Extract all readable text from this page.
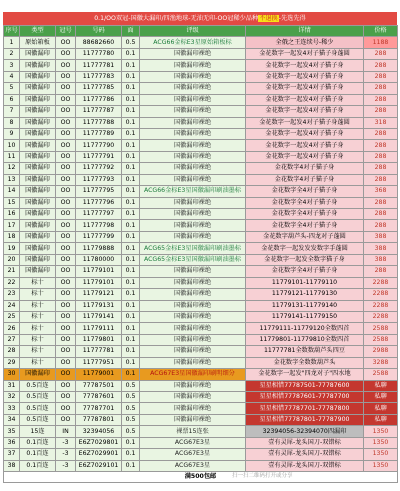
0.1/OO双冠-国徽大漏印/四渔地球-无油无印-OO冠稀少品种不退换-先选先得
序号	类型	冠号	号码	面	评级	详情	价格
1	原始箱板	OO	88682660	0.5	ACG66金标E3星原始箱板标	全俄之王连续号-稀少	1188
2	国徽漏印	OO	11777780	0.1	国徽漏印裸绝	金花数字一起发4对子猫子身蓬圆	288
3	国徽漏印	OO	11777781	0.1	国徽漏印裸绝	金花数字一起发4对子猫子身	288
4	国徽漏印	OO	11777783	0.1	国徽漏印裸绝	金花数字一起发4对子猫子身	288
5	国徽漏印	OO	11777785	0.1	国徽漏印裸绝	金花数字一起发4对子猫子身	288
6	国徽漏印	OO	11777786	0.1	国徽漏印裸绝	金花数字一起发4对子猫子身	288
7	国徽漏印	OO	11777787	0.1	国徽漏印裸绝	金花数字一起发4对子猫子身	288
8	国徽漏印	OO	11777788	0.1	国徽漏印裸绝	金花数字一起发4对子猫子身蓬圆	318
9	国徽漏印	OO	11777789	0.1	国徽漏印裸绝	金花数字一起发4对子猫子身	288
10	国徽漏印	OO	11777790	0.1	国徽漏印裸绝	金花数字一起发4对子猫子身	288
11	国徽漏印	OO	11777791	0.1	国徽漏印裸绝	金花数字一起发4对子猫子身	288
12	国徽漏印	OO	11777792	0.1	国徽漏印裸绝	金花数字4对子猫子身	288
13	国徽漏印	OO	11777793	0.1	国徽漏印裸绝	金花数字4对子猫子身	288
14	国徽漏印	OO	11777795	0.1	ACG66金标E3星国徽漏印刷油墨标	金花数字全4对子猫子身	368
15	国徽漏印	OO	11777796	0.1	国徽漏印裸绝	金花数字全4对子猫子身	288
16	国徽漏印	OO	11777797	0.1	国徽漏印裸绝	金花数字全4对子猫子身	288
17	国徽漏印	OO	11777798	0.1	国徽漏印裸绝	金花数字全4对子猫子身	288
18	国徽漏印	OO	11777799	0.1	国徽漏印裸绝	金花数字葫芦头-四龙对子蓬圆	388
19	国徽漏印	OO	11779888	0.1	ACG65金标E3星国徽漏印刷油墨标	金花数字一起发发发数字手蓬圆	388
20	国徽漏印	OO	11780000	0.1	ACG65金标E3星国徽漏印刷油墨标	金花数字一起发全数字猫子身	388
21	国徽漏印	OO	11779101	0.1	国徽漏印裸绝	金花数字全4对子猫子身	288
22	标十	OO	11779101	0.1	国徽漏印裸绝	11779101-11779110	2288
23	标十	OO	11779121	0.1	国徽漏印裸绝	11779121-11779130	2288
24	标十	OO	11779131	0.1	国徽漏印裸绝	11779131-11779140	2288
25	标十	OO	11779141	0.1	国徽漏印裸绝	11779141-11779150	2288
26	标十	OO	11779111	0.1	国徽漏印裸绝	11779111-11779120全数四首	2588
27	标十	OO	11779801	0.1	国徽漏印裸绝	11779801-11779810全数四首	2588
28	标十	OO	11777781	0.1	国徽漏印裸绝	11777781全数数葫芦头四豆	2988
29	标十	OO	11777951	0.1	国徽漏印裸绝	金花数字全数数葫芦头	3288
30	国徽漏印	OO	11779001	0.1	ACG67E3星国徽漏印刷明细分	金花数字一起发"四龙对子"四水地	2588
31	0.5百连	OO	77787501	0.5	国徽漏印裸绝	星星相惜77787501-77787600	私聊
32	0.5百连	OO	77787601	0.5	国徽漏印裸绝	星星相惜77787601-77787700	私聊
33	0.5百连	OO	77787701	0.5	国徽漏印裸绝	星星相惜77787701-77787800	私聊
34	0.5百连	OO	77787801	0.5	国徽漏印裸绝	星星相惜77787801-77787900	私聊
35	15连	IN	32394056	0.5	裸票15连张	32394056-32394070四漏印	1350
36	0.1百连	-3	E6Z7029801	0.1	ACG67E3星	壹有灵犀-龙头国刀-双错标	1350
37	0.1百连	-3	E6Z7029901	0.1	ACG67E3星	壹有灵犀-龙头国刀-双错标	1350
38	0.1百连	-3	E6Z7029101	0.1	ACG67E3星	壹有灵犀-龙头国刀-双错标	1350
满500包邮								扫一扫二维码打开或分享
